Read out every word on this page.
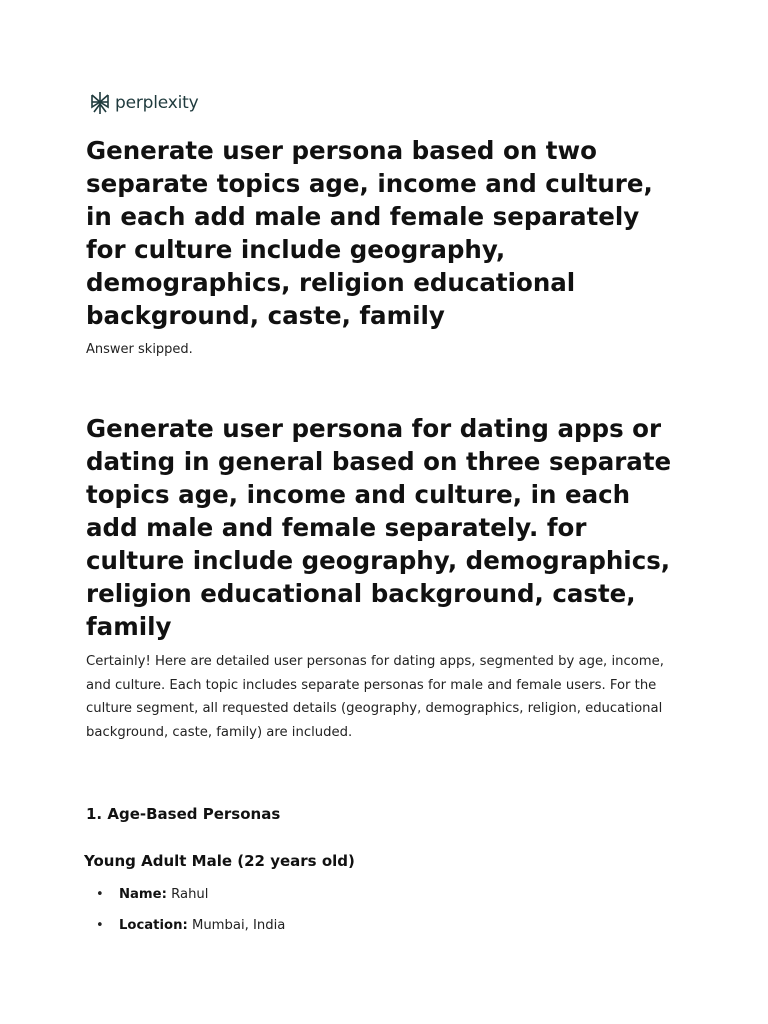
perplexity
Generate user persona based on two separate topics age, income and culture, in each add male and female separately for culture include geography, demographics, religion educational background, caste, family

Answer skipped.

Generate user persona for dating apps or dating in general based on three separate topics age, income and culture, in each add male and female separately. for culture include geography, demographics, religion educational background, caste, family

Certainly! Here are detailed user personas for dating apps, segmented by age, income, and culture. Each topic includes separate personas for male and female users. For the culture segment, all requested details (geography, demographics, religion, educational background, caste, family) are included.

1. Age-Based Personas
Young Adult Male (22 years old)
• Name: Rahul
• Location: Mumbai, India
